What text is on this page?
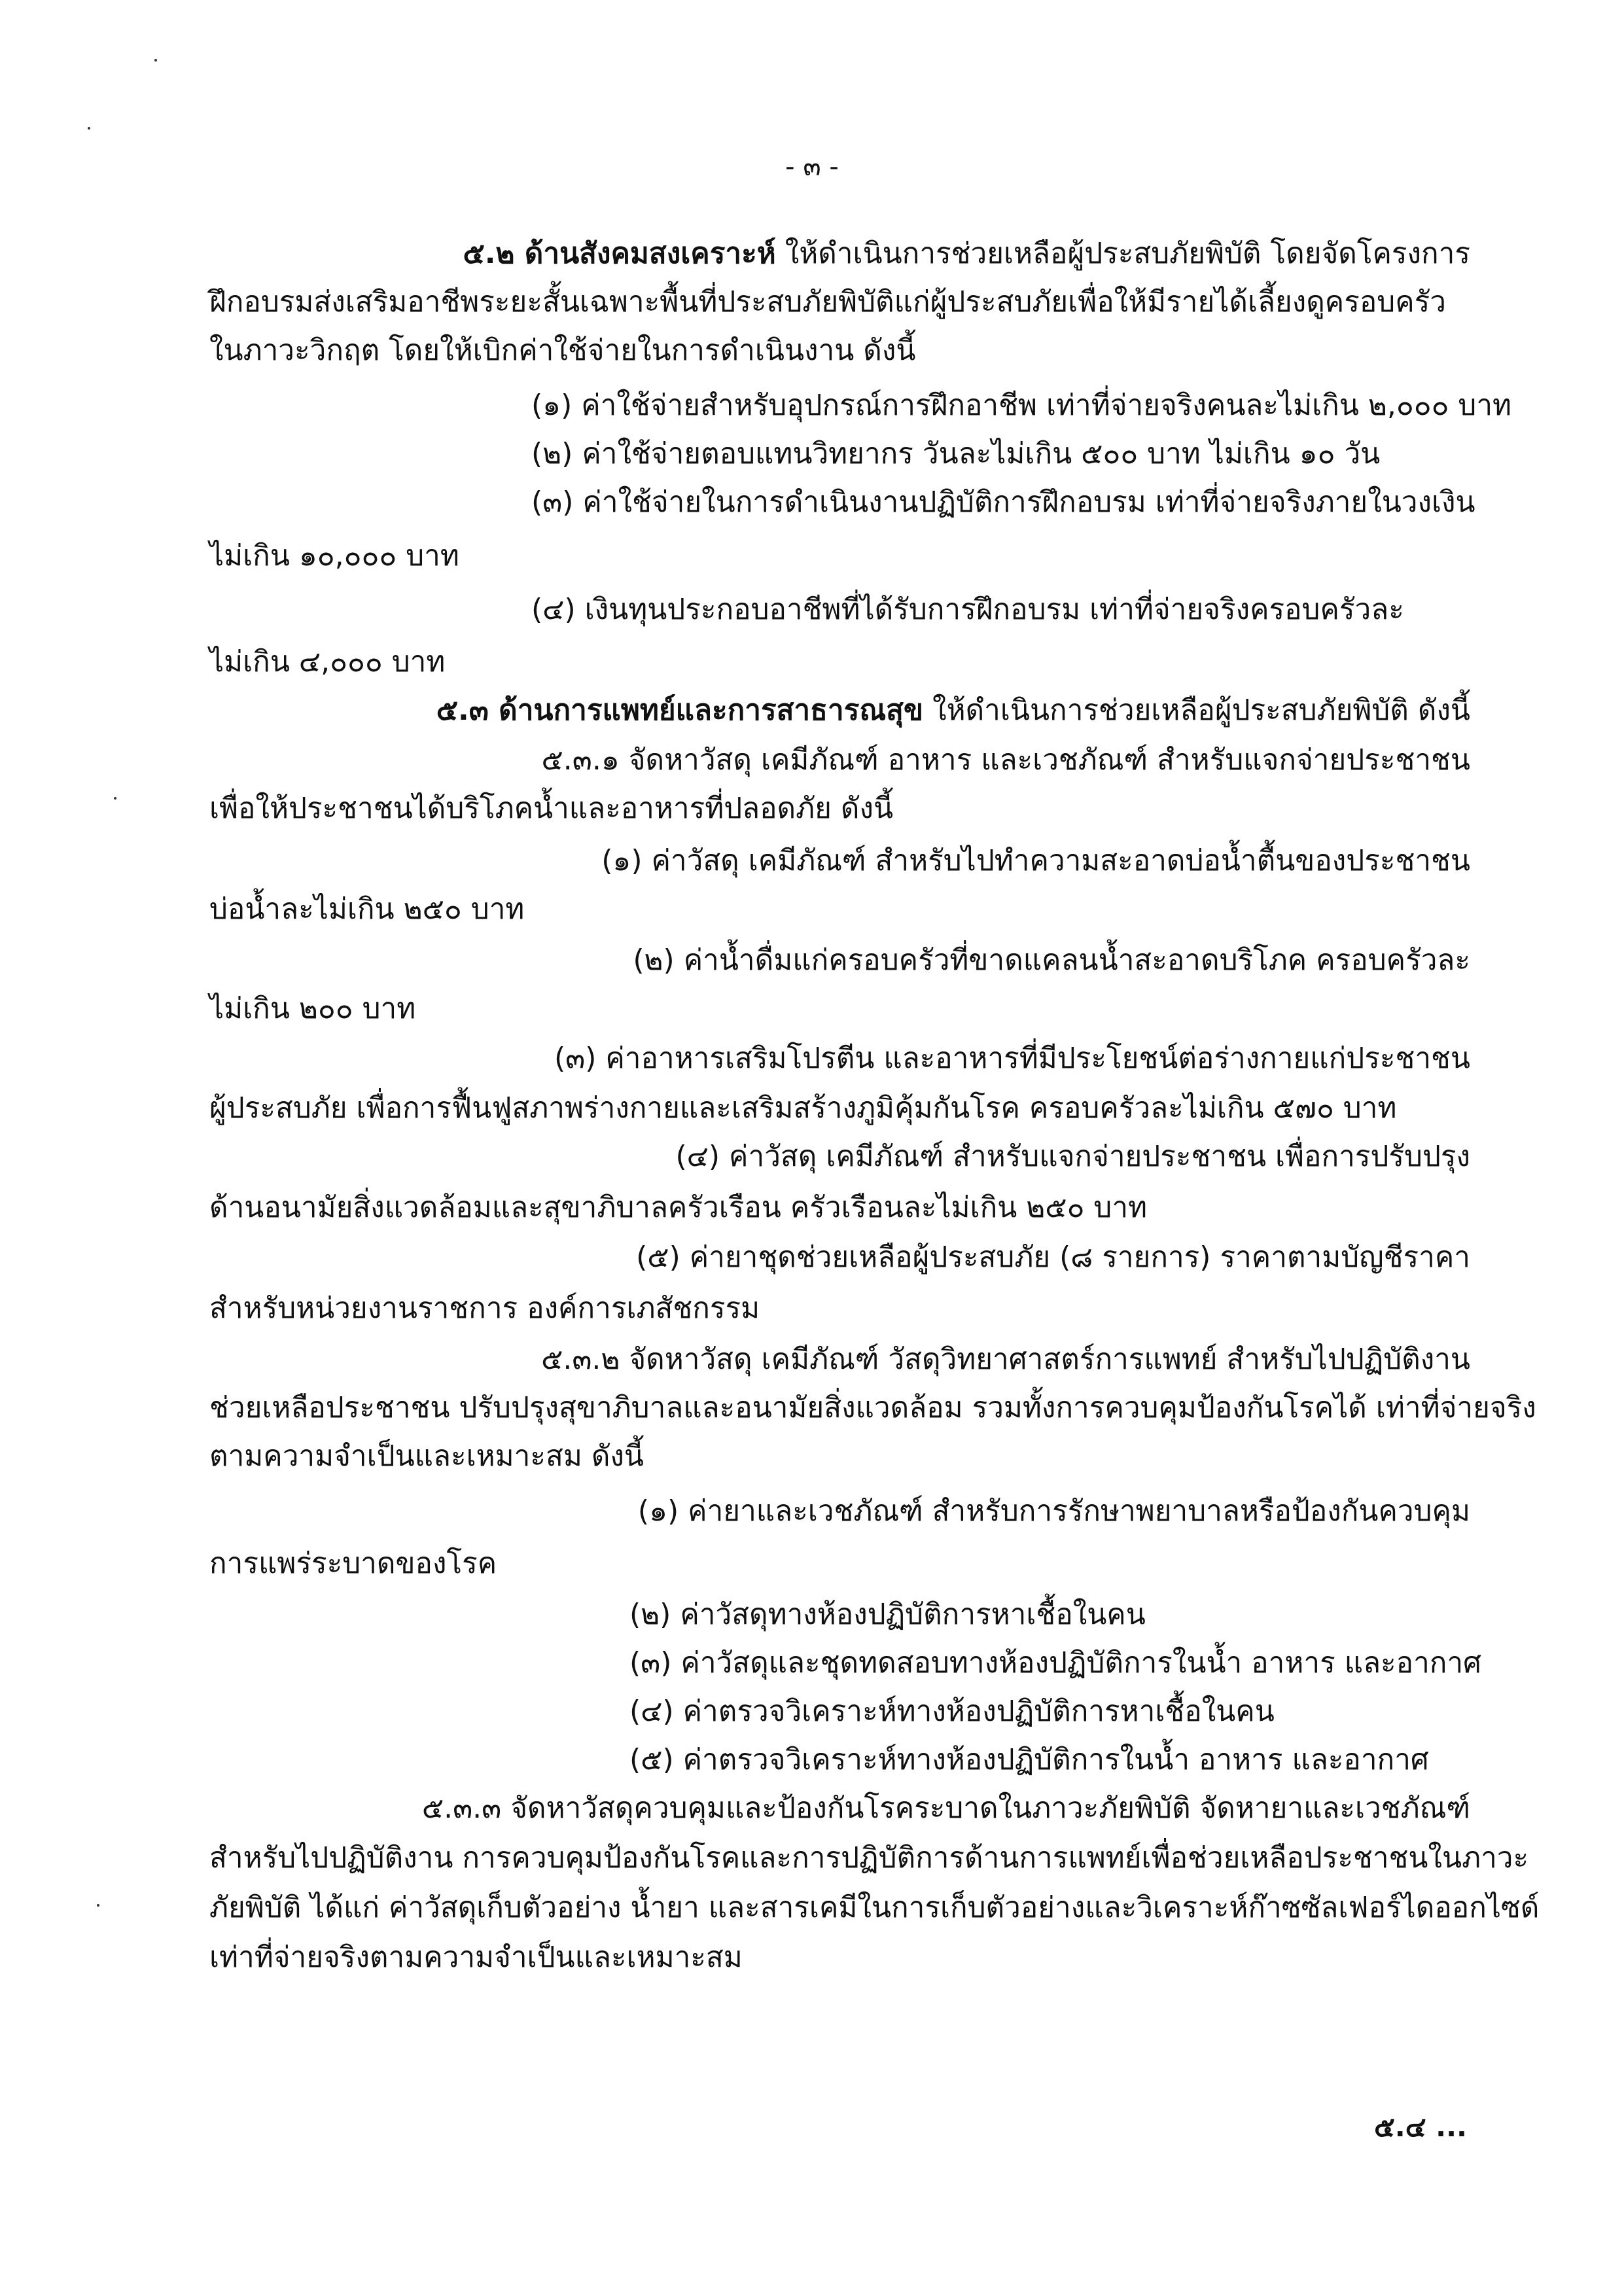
- ๓ -
๕.๒ ด้านสังคมสงเคราะห์ ให้ดำเนินการช่วยเหลือผู้ประสบภัยพิบัติ โดยจัดโครงการ
ฝึกอบรมส่งเสริมอาชีพระยะสั้นเฉพาะพื้นที่ประสบภัยพิบัติแก่ผู้ประสบภัยเพื่อให้มีรายได้เลี้ยงดูครอบครัว
ในภาวะวิกฤต โดยให้เบิกค่าใช้จ่ายในการดำเนินงาน ดังนี้
(๑) ค่าใช้จ่ายสำหรับอุปกรณ์การฝึกอาชีพ เท่าที่จ่ายจริงคนละไม่เกิน ๒,๐๐๐ บาท
(๒) ค่าใช้จ่ายตอบแทนวิทยากร วันละไม่เกิน ๕๐๐ บาท ไม่เกิน ๑๐ วัน
(๓) ค่าใช้จ่ายในการดำเนินงานปฏิบัติการฝึกอบรม เท่าที่จ่ายจริงภายในวงเงิน
ไม่เกิน ๑๐,๐๐๐ บาท
(๔) เงินทุนประกอบอาชีพที่ได้รับการฝึกอบรม เท่าที่จ่ายจริงครอบครัวละ
ไม่เกิน ๔,๐๐๐ บาท
๕.๓ ด้านการแพทย์และการสาธารณสุข ให้ดำเนินการช่วยเหลือผู้ประสบภัยพิบัติ ดังนี้
๕.๓.๑ จัดหาวัสดุ เคมีภัณฑ์ อาหาร และเวชภัณฑ์ สำหรับแจกจ่ายประชาชน
เพื่อให้ประชาชนได้บริโภคน้ำและอาหารที่ปลอดภัย ดังนี้
(๑) ค่าวัสดุ เคมีภัณฑ์ สำหรับไปทำความสะอาดบ่อน้ำตื้นของประชาชน
บ่อน้ำละไม่เกิน ๒๕๐ บาท
(๒) ค่าน้ำดื่มแก่ครอบครัวที่ขาดแคลนน้ำสะอาดบริโภค ครอบครัวละ
ไม่เกิน ๒๐๐ บาท
(๓) ค่าอาหารเสริมโปรตีน และอาหารที่มีประโยชน์ต่อร่างกายแก่ประชาชน
ผู้ประสบภัย เพื่อการฟื้นฟูสภาพร่างกายและเสริมสร้างภูมิคุ้มกันโรค ครอบครัวละไม่เกิน ๕๗๐ บาท
(๔) ค่าวัสดุ เคมีภัณฑ์ สำหรับแจกจ่ายประชาชน เพื่อการปรับปรุง
ด้านอนามัยสิ่งแวดล้อมและสุขาภิบาลครัวเรือน ครัวเรือนละไม่เกิน ๒๕๐ บาท
(๕) ค่ายาชุดช่วยเหลือผู้ประสบภัย (๘ รายการ) ราคาตามบัญชีราคา
สำหรับหน่วยงานราชการ องค์การเภสัชกรรม
๕.๓.๒ จัดหาวัสดุ เคมีภัณฑ์ วัสดุวิทยาศาสตร์การแพทย์ สำหรับไปปฏิบัติงาน
ช่วยเหลือประชาชน ปรับปรุงสุขาภิบาลและอนามัยสิ่งแวดล้อม รวมทั้งการควบคุมป้องกันโรคได้ เท่าที่จ่ายจริง
ตามความจำเป็นและเหมาะสม ดังนี้
(๑) ค่ายาและเวชภัณฑ์ สำหรับการรักษาพยาบาลหรือป้องกันควบคุม
การแพร่ระบาดของโรค
(๒) ค่าวัสดุทางห้องปฏิบัติการหาเชื้อในคน
(๓) ค่าวัสดุและชุดทดสอบทางห้องปฏิบัติการในน้ำ อาหาร และอากาศ
(๔) ค่าตรวจวิเคราะห์ทางห้องปฏิบัติการหาเชื้อในคน
(๕) ค่าตรวจวิเคราะห์ทางห้องปฏิบัติการในน้ำ อาหาร และอากาศ
๕.๓.๓ จัดหาวัสดุควบคุมและป้องกันโรคระบาดในภาวะภัยพิบัติ จัดหายาและเวชภัณฑ์
สำหรับไปปฏิบัติงาน การควบคุมป้องกันโรคและการปฏิบัติการด้านการแพทย์เพื่อช่วยเหลือประชาชนในภาวะ
ภัยพิบัติ ได้แก่ ค่าวัสดุเก็บตัวอย่าง น้ำยา และสารเคมีในการเก็บตัวอย่างและวิเคราะห์ก๊าซซัลเฟอร์ไดออกไซด์
เท่าที่จ่ายจริงตามความจำเป็นและเหมาะสม
๕.๔ ...
